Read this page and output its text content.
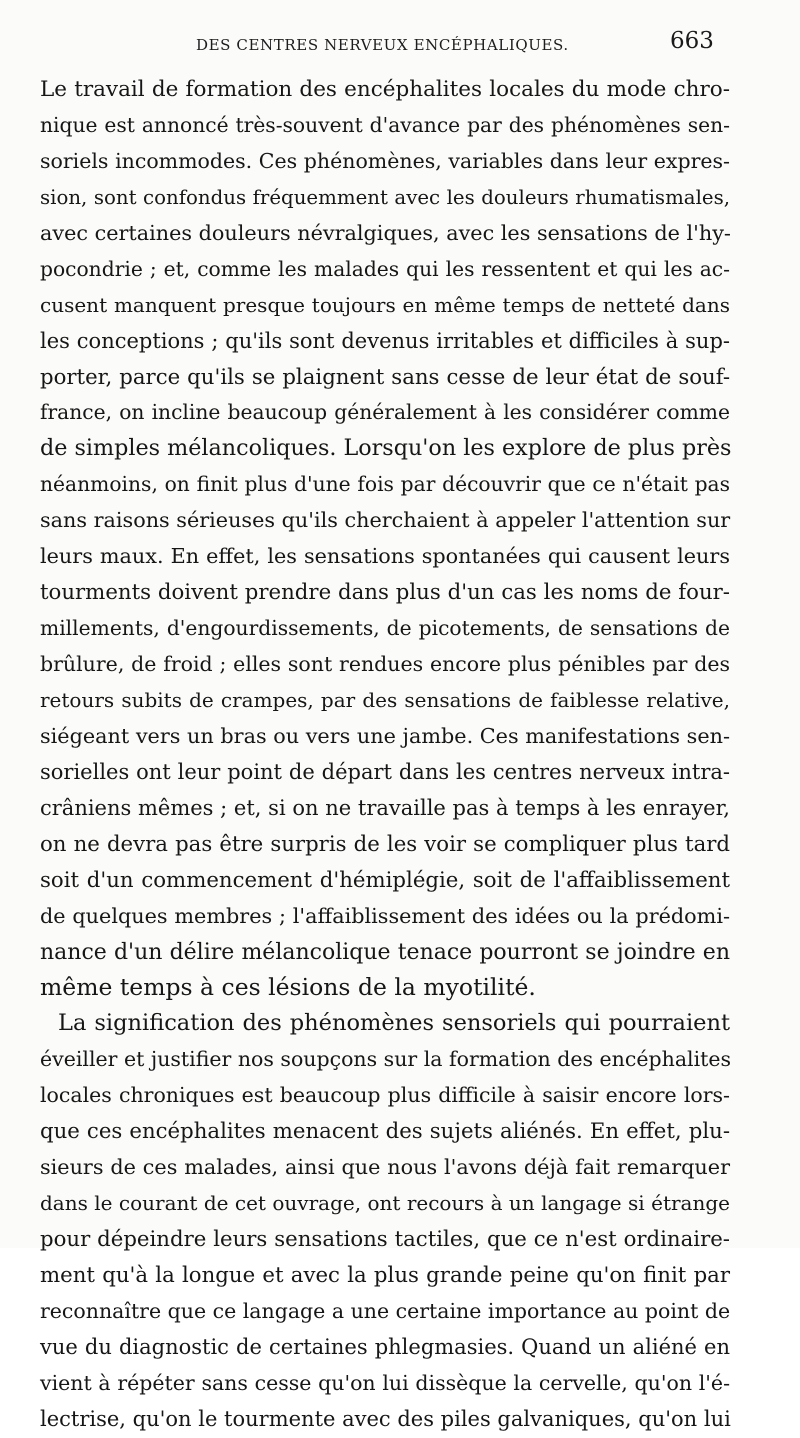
DES CENTRES NERVEUX ENCÉPHALIQUES.	663
Le travail de formation des encéphalites locales du mode chro-
nique est annoncé très-souvent d'avance par des phénomènes sen-
soriels incommodes. Ces phénomènes, variables dans leur expres-
sion, sont confondus fréquemment avec les douleurs rhumatismales,
avec certaines douleurs névralgiques, avec les sensations de l'hy-
pocondrie ; et, comme les malades qui les ressentent et qui les ac-
cusent manquent presque toujours en même temps de netteté dans
les conceptions ; qu'ils sont devenus irritables et difficiles à sup-
porter, parce qu'ils se plaignent sans cesse de leur état de souf-
france, on incline beaucoup généralement à les considérer comme
de simples mélancoliques. Lorsqu'on les explore de plus près
néanmoins, on finit plus d'une fois par découvrir que ce n'était pas
sans raisons sérieuses qu'ils cherchaient à appeler l'attention sur
leurs maux. En effet, les sensations spontanées qui causent leurs
tourments doivent prendre dans plus d'un cas les noms de four-
millements, d'engourdissements, de picotements, de sensations de
brûlure, de froid ; elles sont rendues encore plus pénibles par des
retours subits de crampes, par des sensations de faiblesse relative,
siégeant vers un bras ou vers une jambe. Ces manifestations sen-
sorielles ont leur point de départ dans les centres nerveux intra-
crâniens mêmes ; et, si on ne travaille pas à temps à les enrayer,
on ne devra pas être surpris de les voir se compliquer plus tard
soit d'un commencement d'hémiplégie, soit de l'affaiblissement
de quelques membres ; l'affaiblissement des idées ou la prédomi-
nance d'un délire mélancolique tenace pourront se joindre en
même temps à ces lésions de la myotilité.
La signification des phénomènes sensoriels qui pourraient
éveiller et justifier nos soupçons sur la formation des encéphalites
locales chroniques est beaucoup plus difficile à saisir encore lors-
que ces encéphalites menacent des sujets aliénés. En effet, plu-
sieurs de ces malades, ainsi que nous l'avons déjà fait remarquer
dans le courant de cet ouvrage, ont recours à un langage si étrange
pour dépeindre leurs sensations tactiles, que ce n'est ordinaire-
ment qu'à la longue et avec la plus grande peine qu'on finit par
reconnaître que ce langage a une certaine importance au point de
vue du diagnostic de certaines phlegmasies. Quand un aliéné en
vient à répéter sans cesse qu'on lui dissèque la cervelle, qu'on l'é-
lectrise, qu'on le tourmente avec des piles galvaniques, qu'on lui
